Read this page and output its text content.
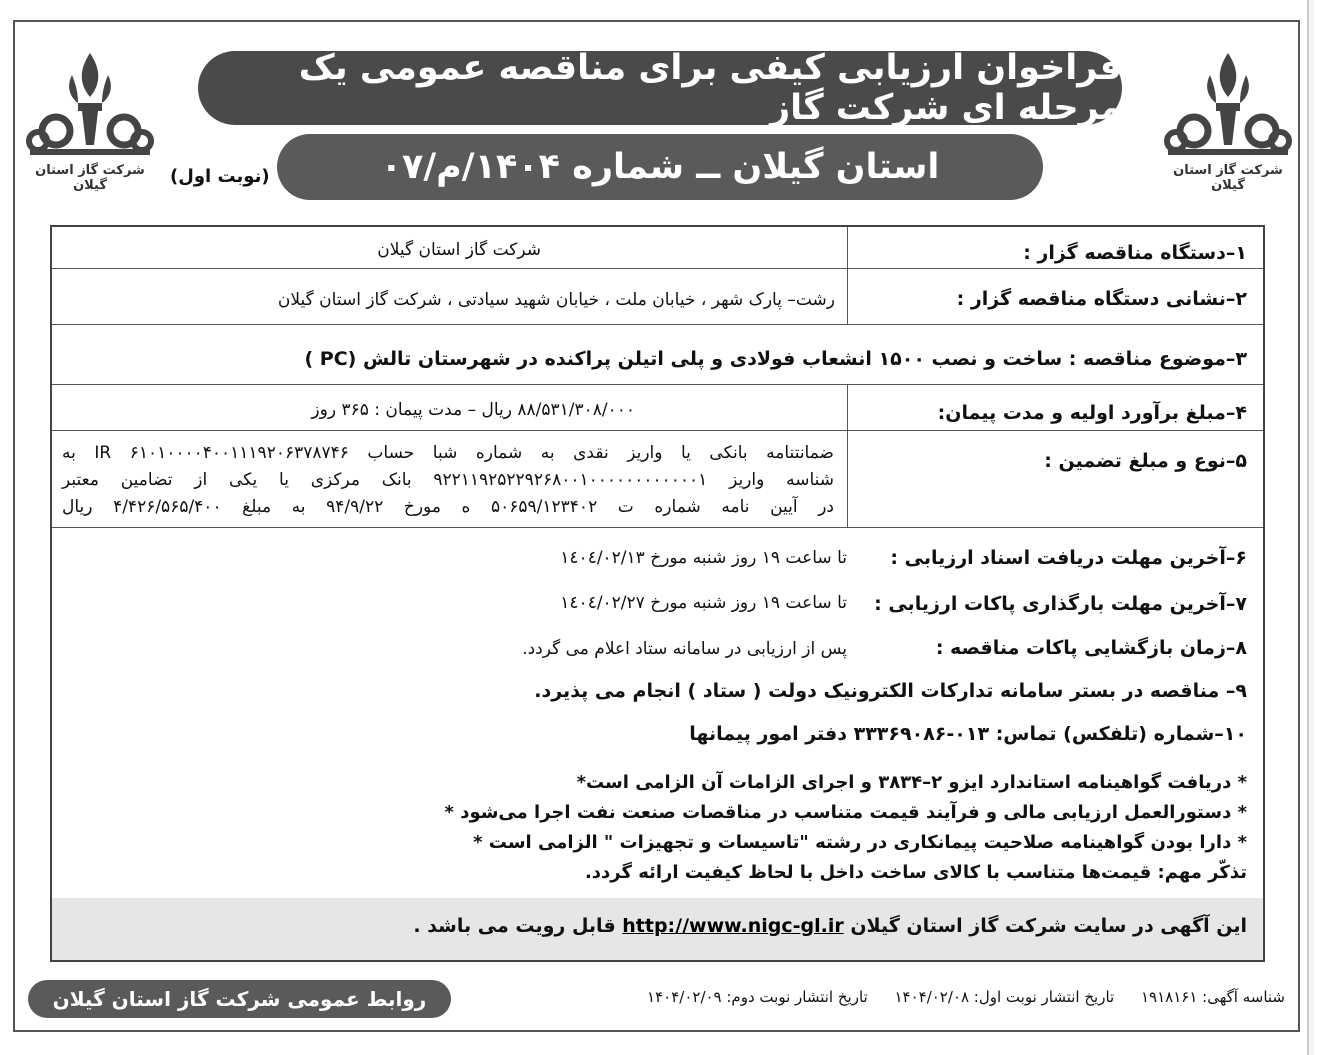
شرکت گاز استان گیلان
شرکت گاز استان گیلان
فراخوان ارزیابی کیفی برای مناقصه عمومی یک مرحله ای شرکت گاز
استان گیلان ــ شماره ۱۴۰۴/م/۰۷
(نوبت اول)
۱–دستگاه مناقصه گزار :
شرکت گاز استان گیلان
۲–نشانی دستگاه مناقصه گزار :
رشت– پارک شهر ، خیابان ملت ، خیابان شهید سیادتی ، شرکت گاز استان گیلان
۳–موضوع مناقصه : ساخت و نصب ۱۵۰۰ انشعاب فولادی و پلی اتیلن پراکنده در شهرستان تالش (PC )
۴–مبلغ برآورد اولیه و مدت پیمان:
۸۸/۵۳۱/۳۰۸/۰۰۰ ریال – مدت پیمان : ۳۶۵ روز
۵–نوع و مبلغ تضمین :
ضمانتنامه بانکی یا واریز نقدی به شماره شبا حساب IR ۶۱۰۱۰۰۰۰۴۰۰۱۱۱۹۲۰۶۳۷۸۷۴۶ به
شناسه واریز ۹۲۲۱۱۹۲۵۲۲۹۲۶۸۰۰۱۰۰۰۰۰۰۰۰۰۰۰۰۱ بانک مرکزی یا یکی از تضامین معتبر
در آیین نامه شماره ت ۵۰۶۵۹/۱۲۳۴۰۲ ه مورخ ۹۴/۹/۲۲ به مبلغ ۴/۴۲۶/۵۶۵/۴۰۰ ریال
۶–آخرین مهلت دریافت اسناد ارزیابی :
تا ساعت ۱۹ روز شنبه مورخ ۱٤٠٤/٠٢/١٣
۷–آخرین مهلت بارگذاری پاکات ارزیابی :
تا ساعت ۱۹ روز شنبه مورخ ۱٤٠٤/٠٢/٢٧
۸–زمان بازگشایی پاکات مناقصه :
پس از ارزیابی در سامانه ستاد اعلام می گردد.
۹– مناقصه در بستر سامانه تدارکات الکترونیک دولت ( ستاد ) انجام می پذیرد.
۱۰–شماره (تلفکس) تماس: ۰۱۳-۳۳۳۶۹۰۸۶ دفتر امور پیمانها
* دریافت گواهینامه استاندارد ایزو ۲–۳۸۳۴ و اجرای الزامات آن الزامی است*
* دستورالعمل ارزیابی مالی و فرآیند قیمت متناسب در مناقصات صنعت نفت اجرا می‌شود *
* دارا بودن گواهینامه صلاحیت پیمانکاری در رشته "تاسیسات و تجهیزات " الزامی است *
تذکّر مهم: قیمت‌ها متناسب با کالای ساخت داخل با لحاظ کیفیت ارائه گردد.
این آگهی در سایت شرکت گاز استان گیلان http://www.nigc-gl.ir قابل رویت می باشد .
روابط عمومی شرکت گاز استان گیلان	شناسه آگهی: ۱۹۱۸۱۶۱ تاریخ انتشار نوبت اول: ۱۴۰۴/۰۲/۰۸ تاریخ انتشار نوبت دوم: ۱۴۰۴/۰۲/۰۹
